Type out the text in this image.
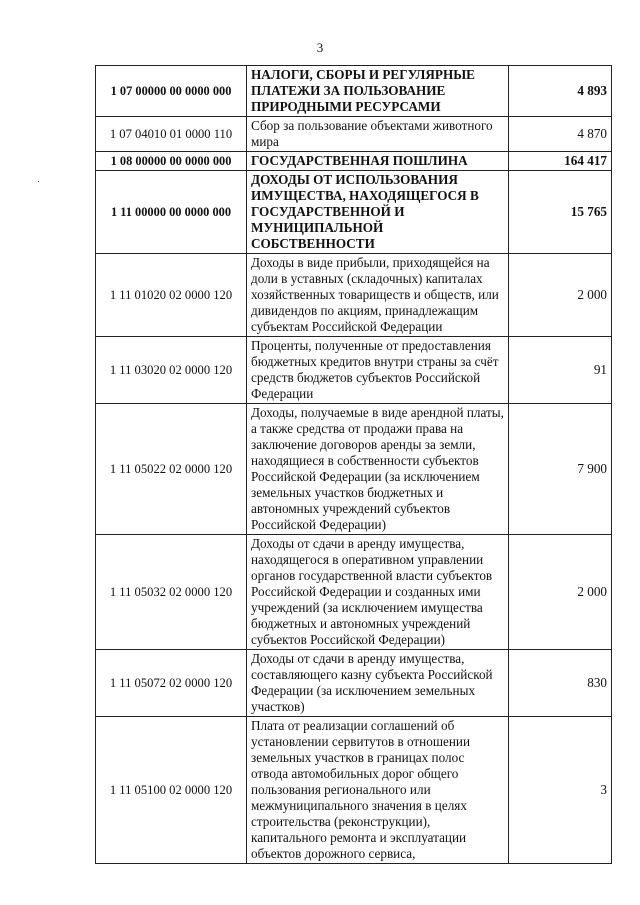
3
1 07 00000 00 0000 000	НАЛОГИ, СБОРЫ И РЕГУЛЯРНЫЕ ПЛАТЕЖИ ЗА ПОЛЬЗОВАНИЕ ПРИРОДНЫМИ РЕСУРСАМИ	4 893
1 07 04010 01 0000 110	Сбор за пользование объектами животного мира	4 870
1 08 00000 00 0000 000	ГОСУДАРСТВЕННАЯ ПОШЛИНА	164 417
1 11 00000 00 0000 000	ДОХОДЫ ОТ ИСПОЛЬЗОВАНИЯ ИМУЩЕСТВА, НАХОДЯЩЕГОСЯ В ГОСУДАРСТВЕННОЙ И МУНИЦИПАЛЬНОЙ СОБСТВЕННОСТИ	15 765
1 11 01020 02 0000 120	Доходы в виде прибыли, приходящейся на доли в уставных (складочных) капиталах хозяйственных товариществ и обществ, или дивидендов по акциям, принадлежащим субъектам Российской Федерации	2 000
1 11 03020 02 0000 120	Проценты, полученные от предоставления бюджетных кредитов внутри страны за счёт средств бюджетов субъектов Российской Федерации	91
1 11 05022 02 0000 120	Доходы, получаемые в виде арендной платы, а также средства от продажи права на заключение договоров аренды за земли, находящиеся в собственности субъектов Российской Федерации (за исключением земельных участков бюджетных и автономных учреждений субъектов Российской Федерации)	7 900
1 11 05032 02 0000 120	Доходы от сдачи в аренду имущества, находящегося в оперативном управлении органов государственной власти субъектов Российской Федерации и созданных ими учреждений (за исключением имущества бюджетных и автономных учреждений субъектов Российской Федерации)	2 000
1 11 05072 02 0000 120	Доходы от сдачи в аренду имущества, составляющего казну субъекта Российской Федерации (за исключением земельных участков)	830
1 11 05100 02 0000 120	Плата от реализации соглашений об установлении сервитутов в отношении земельных участков в границах полос отвода автомобильных дорог общего пользования регионального или межмуниципального значения в целях строительства (реконструкции), капитального ремонта и эксплуатации объектов дорожного сервиса,	3
